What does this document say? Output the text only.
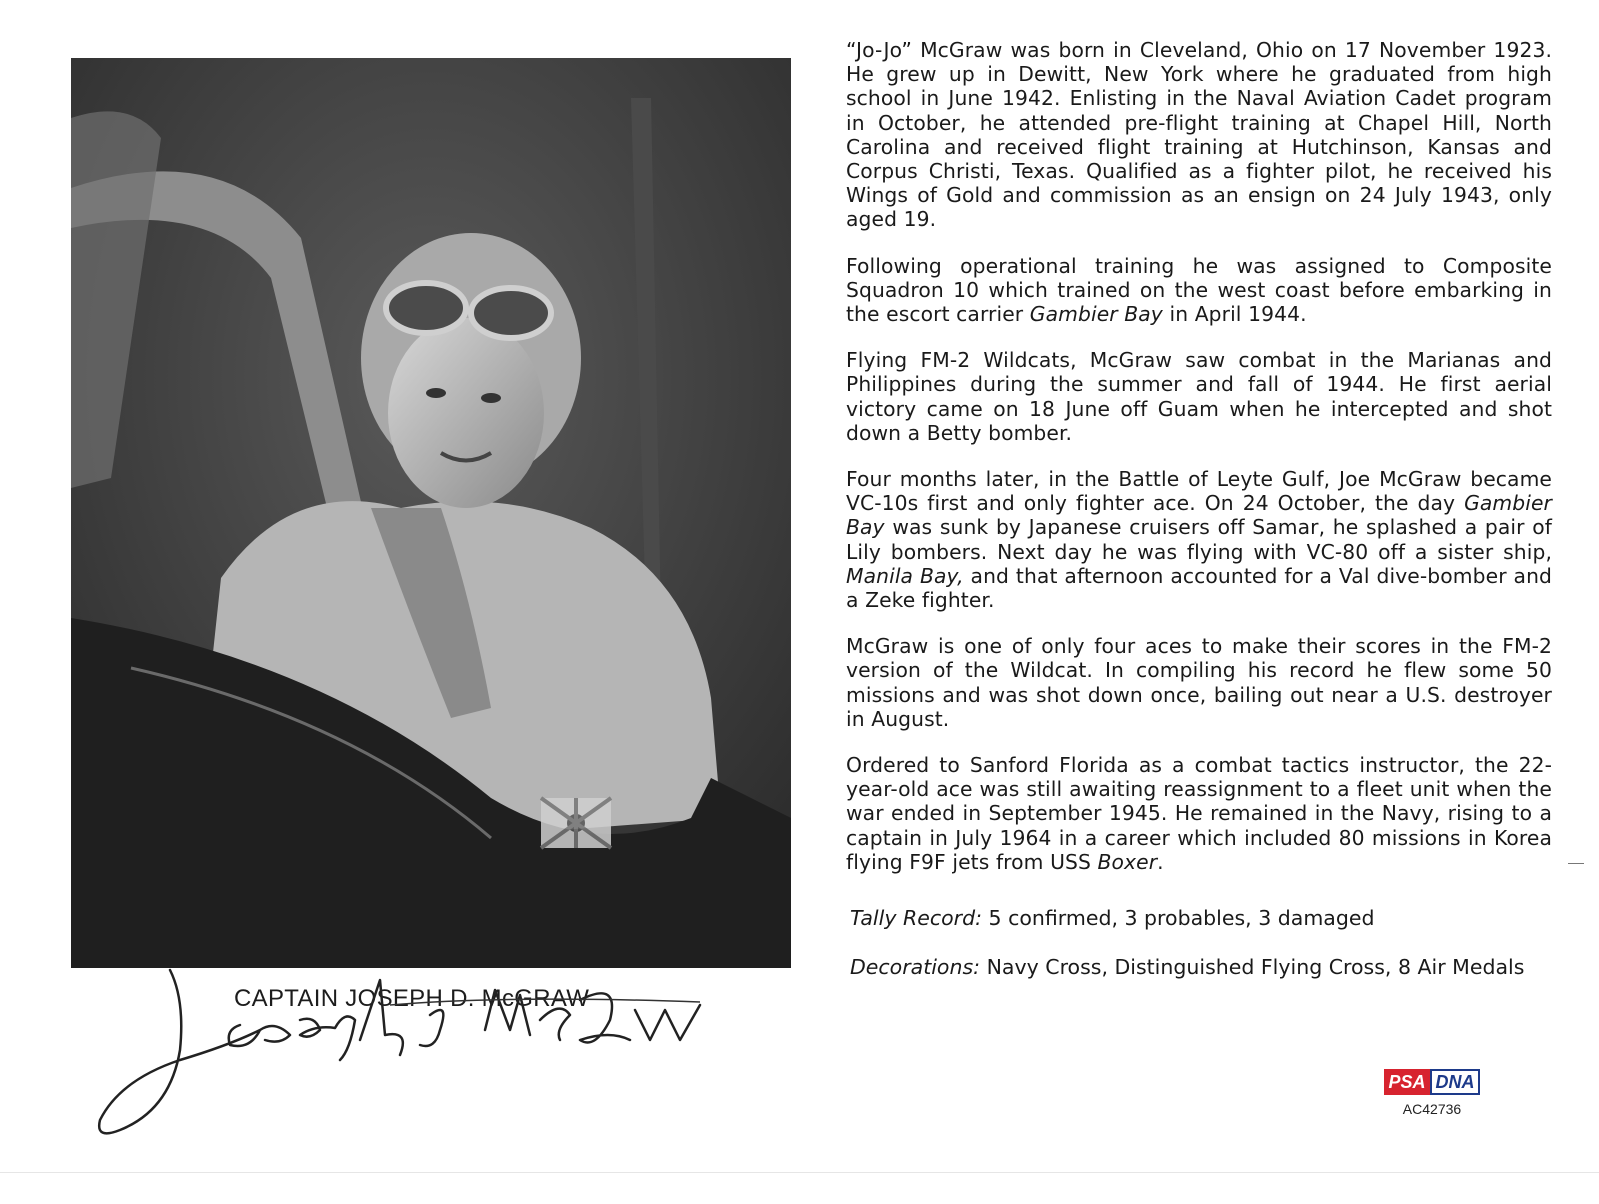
CAPTAIN JOSEPH D. McGRAW

“Jo-Jo” McGraw was born in Cleveland, Ohio on 17 November 1923. He grew up in Dewitt, New York where he graduated from high school in June 1942. Enlisting in the Naval Aviation Cadet program in October, he attended pre-flight training at Chapel Hill, North Carolina and received flight training at Hutchinson, Kansas and Corpus Christi, Texas. Qualified as a fighter pilot, he received his Wings of Gold and commission as an ensign on 24 July 1943, only aged 19.

Following operational training he was assigned to Composite Squadron 10 which trained on the west coast before embarking in the escort carrier Gambier Bay in April 1944.

Flying FM-2 Wildcats, McGraw saw combat in the Marianas and Philippines during the summer and fall of 1944. He first aerial victory came on 18 June off Guam when he intercepted and shot down a Betty bomber.

Four months later, in the Battle of Leyte Gulf, Joe McGraw became VC-10s first and only fighter ace. On 24 October, the day Gambier Bay was sunk by Japanese cruisers off Samar, he splashed a pair of Lily bombers. Next day he was flying with VC-80 off a sister ship, Manila Bay, and that afternoon accounted for a Val dive-bomber and a Zeke fighter.

McGraw is one of only four aces to make their scores in the FM-2 version of the Wildcat. In compiling his record he flew some 50 missions and was shot down once, bailing out near a U.S. destroyer in August.

Ordered to Sanford Florida as a combat tactics instructor, the 22-year-old ace was still awaiting reassignment to a fleet unit when the war ended in September 1945. He remained in the Navy, rising to a captain in July 1964 in a career which included 80 missions in Korea flying F9F jets from USS Boxer.

Tally Record: 5 confirmed, 3 probables, 3 damaged
Decorations: Navy Cross, Distinguished Flying Cross, 8 Air Medals
PSA DNA
AC42736
